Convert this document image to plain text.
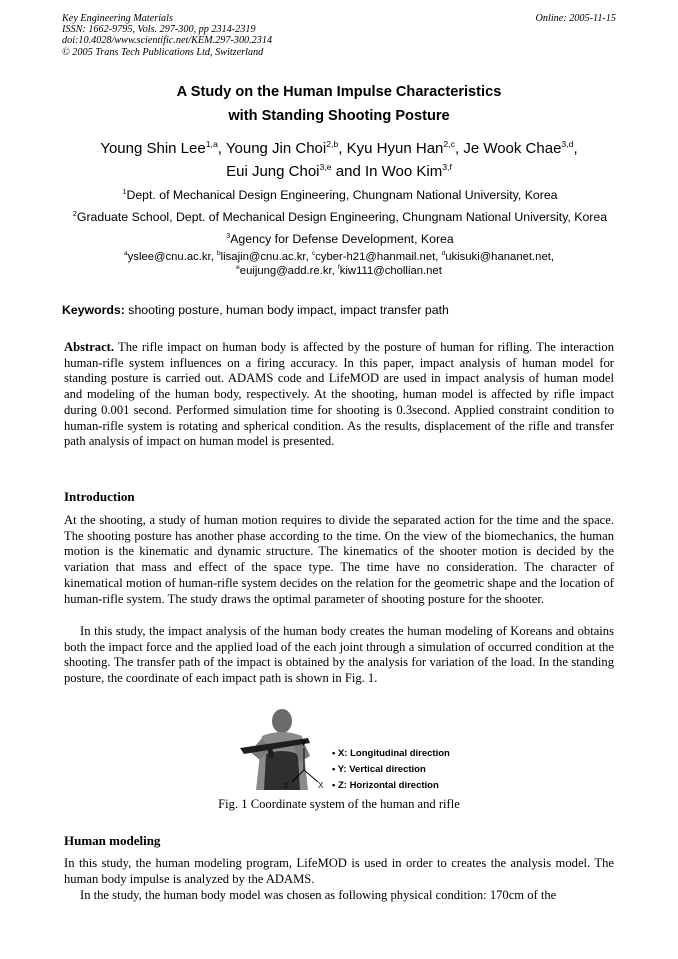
Key Engineering Materials
ISSN: 1662-9795, Vols. 297-300, pp 2314-2319
doi:10.4028/www.scientific.net/KEM.297-300.2314
© 2005 Trans Tech Publications Ltd, Switzerland
Online: 2005-11-15
A Study on the Human Impulse Characteristics
with Standing Shooting Posture
Young Shin Lee$^{1,a}$, Young Jin Choi$^{2,b}$, Kyu Hyun Han$^{2,c}$, Je Wook Chae$^{3,d}$,
Eui Jung Choi$^{3,e}$ and In Woo Kim$^{3,f}$
$^1$Dept. of Mechanical Design Engineering, Chungnam National University, Korea
$^2$Graduate School, Dept. of Mechanical Design Engineering, Chungnam National University, Korea
$^3$Agency for Defense Development, Korea
$^a$yslee@cnu.ac.kr, $^b$lisajin@cnu.ac.kr, $^c$cyber-h21@hanmail.net, $^d$ukisuki@hananet.net,
$^e$euijung@add.re.kr, $^f$kiw111@chollian.net
Keywords: shooting posture, human body impact, impact transfer path
Abstract. The rifle impact on human body is affected by the posture of human for rifling. The interaction human-rifle system influences on a firing accuracy. In this paper, impact analysis of human model for standing posture is carried out. ADAMS code and LifeMOD are used in impact analysis of human model and modeling of the human body, respectively. At the shooting, human model is affected by rifle impact during 0.001 second. Performed simulation time for shooting is 0.3second. Applied constraint condition to human-rifle system is rotating and spherical condition. As the results, displacement of the rifle and transfer path analysis of impact on human model is presented.
Introduction
At the shooting, a study of human motion requires to divide the separated action for the time and the space. The shooting posture has another phase according to the time. On the view of the biomechanics, the human motion is the kinematic and dynamic structure. The kinematics of the shooter motion is decided by the variation that mass and effect of the space type. The time have no consideration. The character of kinematical motion of human-rifle system decides on the relation for the geometric shape and the location of human-rifle system. The study draws the optimal parameter of shooting posture for the shooter.
In this study, the impact analysis of the human body creates the human modeling of Koreans and obtains both the impact force and the applied load of the each joint through a simulation of occurred condition at the shooting. The transfer path of the impact is obtained by the analysis for variation of the load. In the standing posture, the coordinate of each impact path is shown in Fig. 1.
Y
z	X
• X: Longitudinal direction
• Y: Vertical direction
• Z: Horizontal direction
Fig. 1 Coordinate system of the human and rifle
Human modeling
In this study, the human modeling program, LifeMOD is used in order to creates the analysis model. The human body impulse is analyzed by the ADAMS.
In the study, the human body model was chosen as following physical condition: 170cm of the
